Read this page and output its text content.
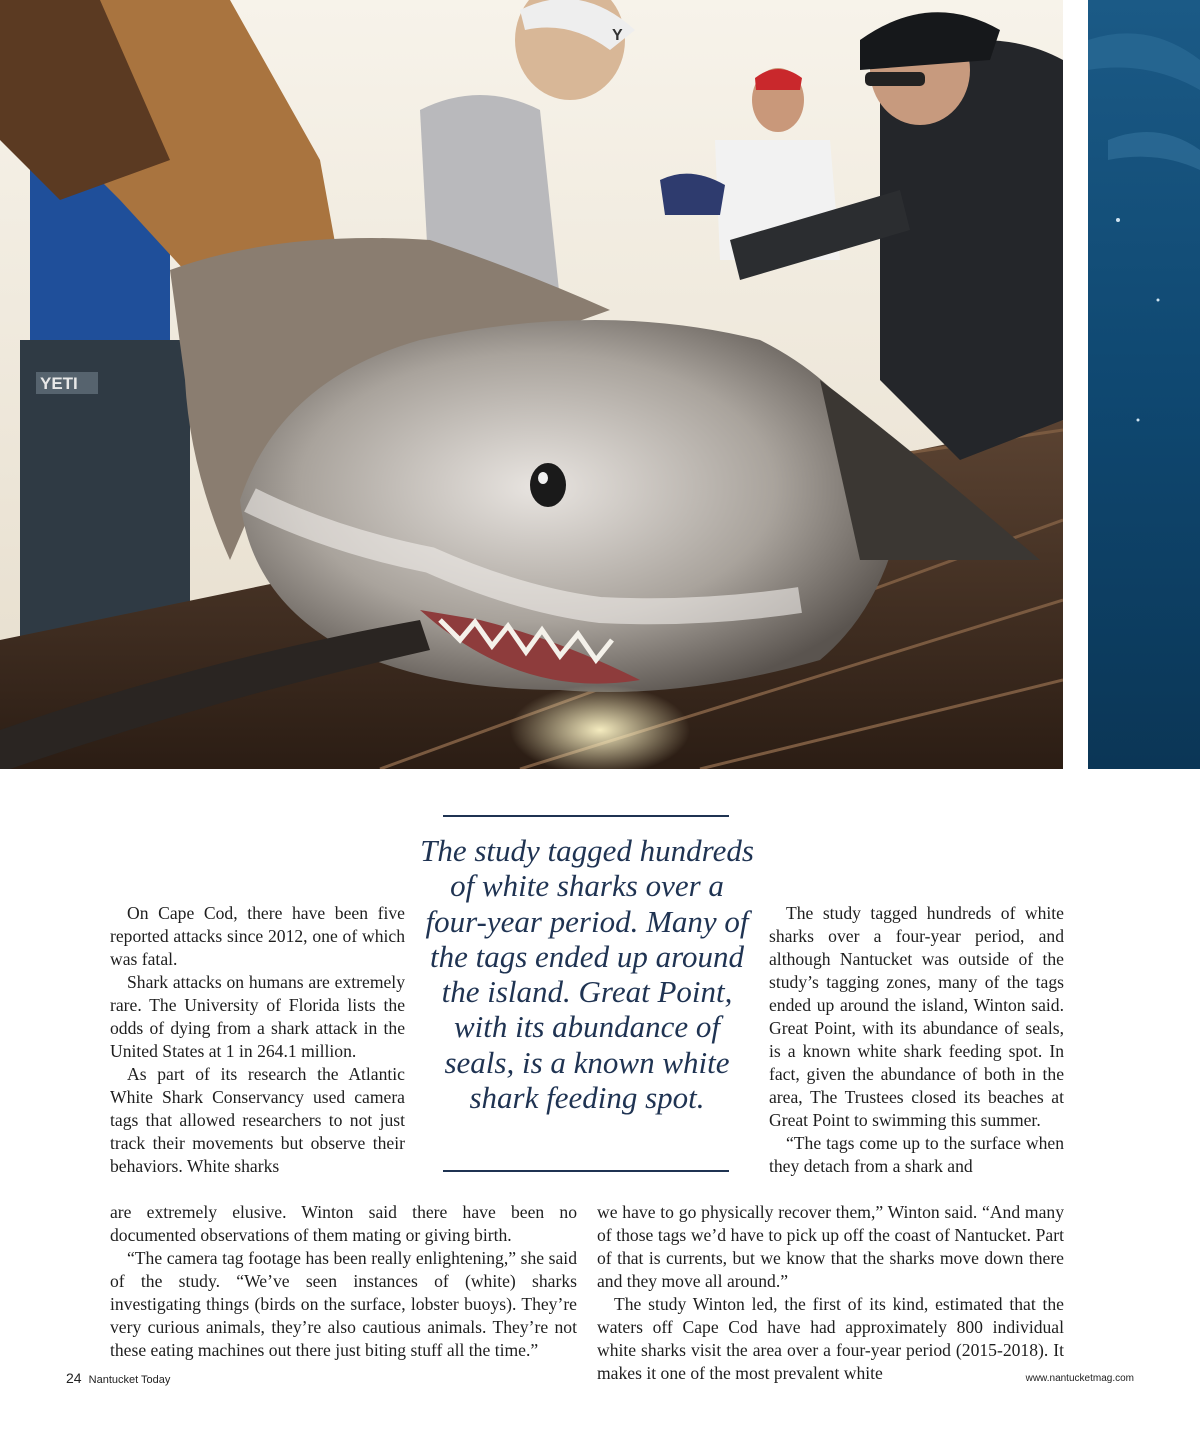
YETI
Y
The study tagged hundreds of white sharks over a four-year period. Many of the tags ended up around the island. Great Point, with its abundance of seals, is a known white shark feeding spot.

On Cape Cod, there have been five reported attacks since 2012, one of which was fatal.

Shark attacks on humans are extremely rare. The University of Florida lists the odds of dying from a shark attack in the United States at 1 in 264.1 million.

As part of its research the Atlantic White Shark Conservancy used camera tags that allowed researchers to not just track their movements but observe their behaviors. White sharks

are extremely elusive. Winton said there have been no documented observations of them mating or giving birth.

“The camera tag footage has been really enlightening,” she said of the study. “We’ve seen instances of (white) sharks investigating things (birds on the surface, lobster buoys). They’re very curious animals, they’re also cautious animals. They’re not these eating machines out there just biting stuff all the time.”

The study tagged hundreds of white sharks over a four-year period, and although Nantucket was outside of the study’s tagging zones, many of the tags ended up around the island, Winton said. Great Point, with its abundance of seals, is a known white shark feeding spot. In fact, given the abundance of both in the area, The Trustees closed its beaches at Great Point to swimming this summer.

“The tags come up to the surface when they detach from a shark and

we have to go physically recover them,” Winton said. “And many of those tags we’d have to pick up off the coast of Nantucket. Part of that is currents, but we know that the sharks move down there and they move all around.”

The study Winton led, the first of its kind, estimated that the waters off Cape Cod have had approximately 800 individual white sharks visit the area over a four-year period (2015-2018). It makes it one of the most prevalent white

24 Nantucket Today	www.nantucketmag.com
